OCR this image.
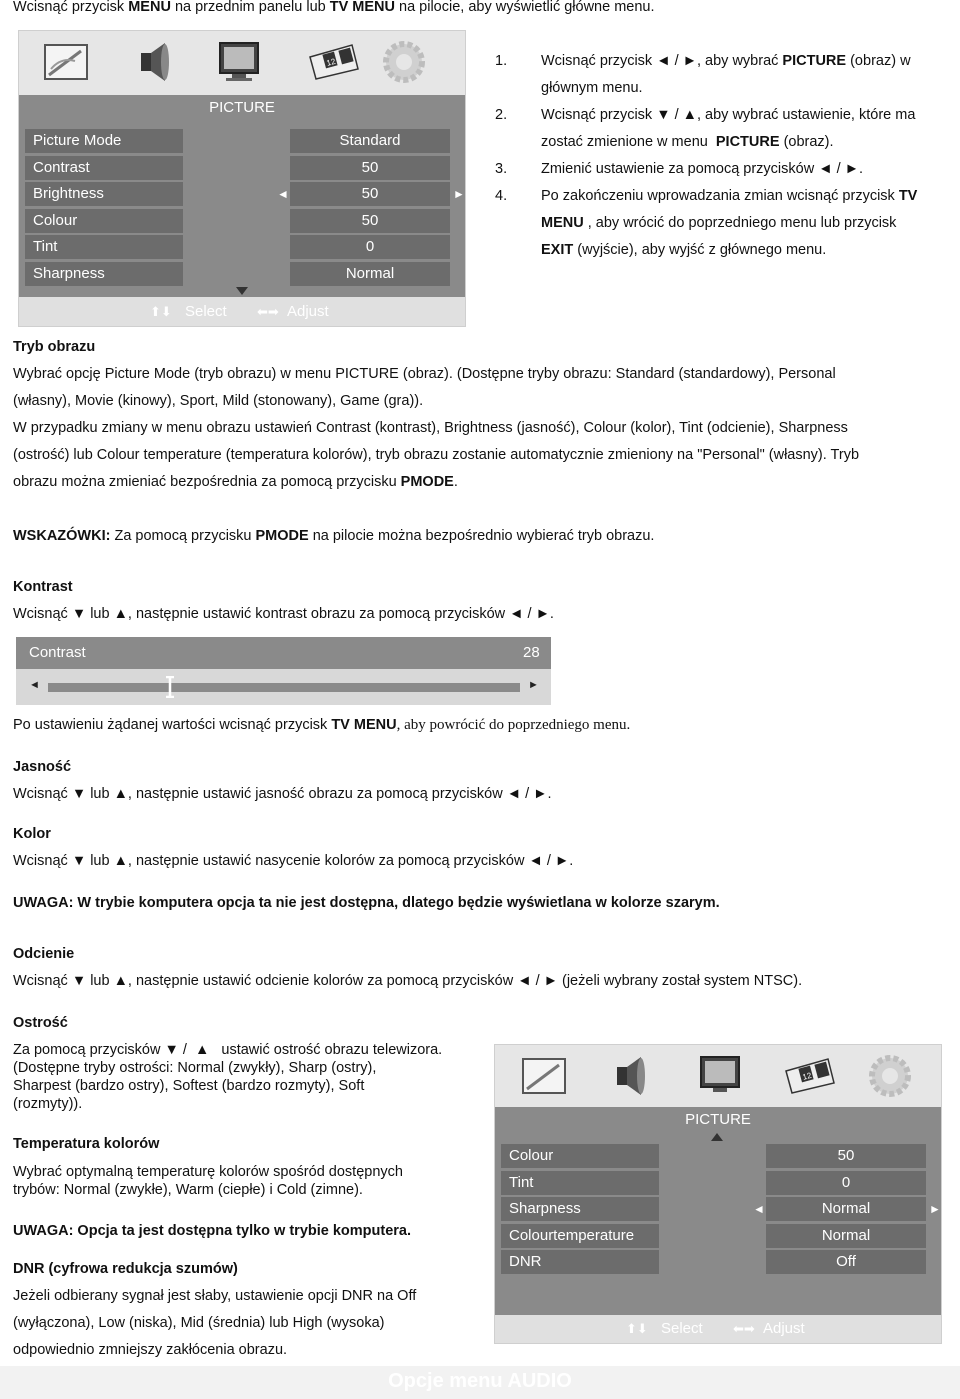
Wcisnąć przycisk MENU na przednim panelu lub TV MENU na pilocie, aby wyświetlić główne menu.
12
PICTURE
Picture Mode	Standard
Contrast	50
Brightness	50
◄	►
Colour	50
Tint	0
Sharpness	Normal
⬆⬇ Select ⬅➡ Adjust
1. Wcisnąć przycisk ◄ / ►, aby wybrać PICTURE (obraz) w
głównym menu.
2. Wcisnąć przycisk ▼ / ▲, aby wybrać ustawienie, które ma
zostać zmienione w menu  PICTURE (obraz).
3. Zmienić ustawienie za pomocą przycisków ◄ / ►.
4. Po zakończeniu wprowadzania zmian wcisnąć przycisk TV
MENU , aby wrócić do poprzedniego menu lub przycisk
EXIT (wyjście), aby wyjść z głównego menu.
Tryb obrazu
Wybrać opcję Picture Mode (tryb obrazu) w menu PICTURE (obraz). (Dostępne tryby obrazu: Standard (standardowy), Personal
(własny), Movie (kinowy), Sport, Mild (stonowany), Game (gra)).
W przypadku zmiany w menu obrazu ustawień Contrast (kontrast), Brightness (jasność), Colour (kolor), Tint (odcienie), Sharpness
(ostrość) lub Colour temperature (temperatura kolorów), tryb obrazu zostanie automatycznie zmieniony na "Personal" (własny). Tryb
obrazu można zmieniać bezpośrednia za pomocą przycisku PMODE.
WSKAZÓWKI: Za pomocą przycisku PMODE na pilocie można bezpośrednio wybierać tryb obrazu.
Kontrast
Wcisnąć ▼ lub ▲, następnie ustawić kontrast obrazu za pomocą przycisków ◄ / ►.
Contrast	28
◄	►
Po ustawieniu żądanej wartości wcisnąć przycisk TV MENU, aby powrócić do poprzedniego menu.
Jasność
Wcisnąć ▼ lub ▲, następnie ustawić jasność obrazu za pomocą przycisków ◄ / ►.
Kolor
Wcisnąć ▼ lub ▲, następnie ustawić nasycenie kolorów za pomocą przycisków ◄ / ►.
UWAGA: W trybie komputera opcja ta nie jest dostępna, dlatego będzie wyświetlana w kolorze szarym.
Odcienie
Wcisnąć ▼ lub ▲, następnie ustawić odcienie kolorów za pomocą przycisków ◄ / ► (jeżeli wybrany został system NTSC).
Ostrość
Za pomocą przycisków ▼ /  ▲   ustawić ostrość obrazu telewizora.
(Dostępne tryby ostrości: Normal (zwykły), Sharp (ostry),
Sharpest (bardzo ostry), Softest (bardzo rozmyty), Soft
(rozmyty)).
Temperatura kolorów
Wybrać optymalną temperaturę kolorów spośród dostępnych
trybów: Normal (zwykłe), Warm (ciepłe) i Cold (zimne).
UWAGA: Opcja ta jest dostępna tylko w trybie komputera.
DNR (cyfrowa redukcja szumów)
Jeżeli odbierany sygnał jest słaby, ustawienie opcji DNR na Off
(wyłączona), Low (niska), Mid (średnia) lub High (wysoka)
odpowiednio zmniejszy zakłócenia obrazu.
12
PICTURE
Colour	50
Tint	0
Sharpness	Normal
◄	►
Colourtemperature	Normal
DNR	Off
⬆⬇ Select ⬅➡ Adjust
Opcje menu AUDIO
